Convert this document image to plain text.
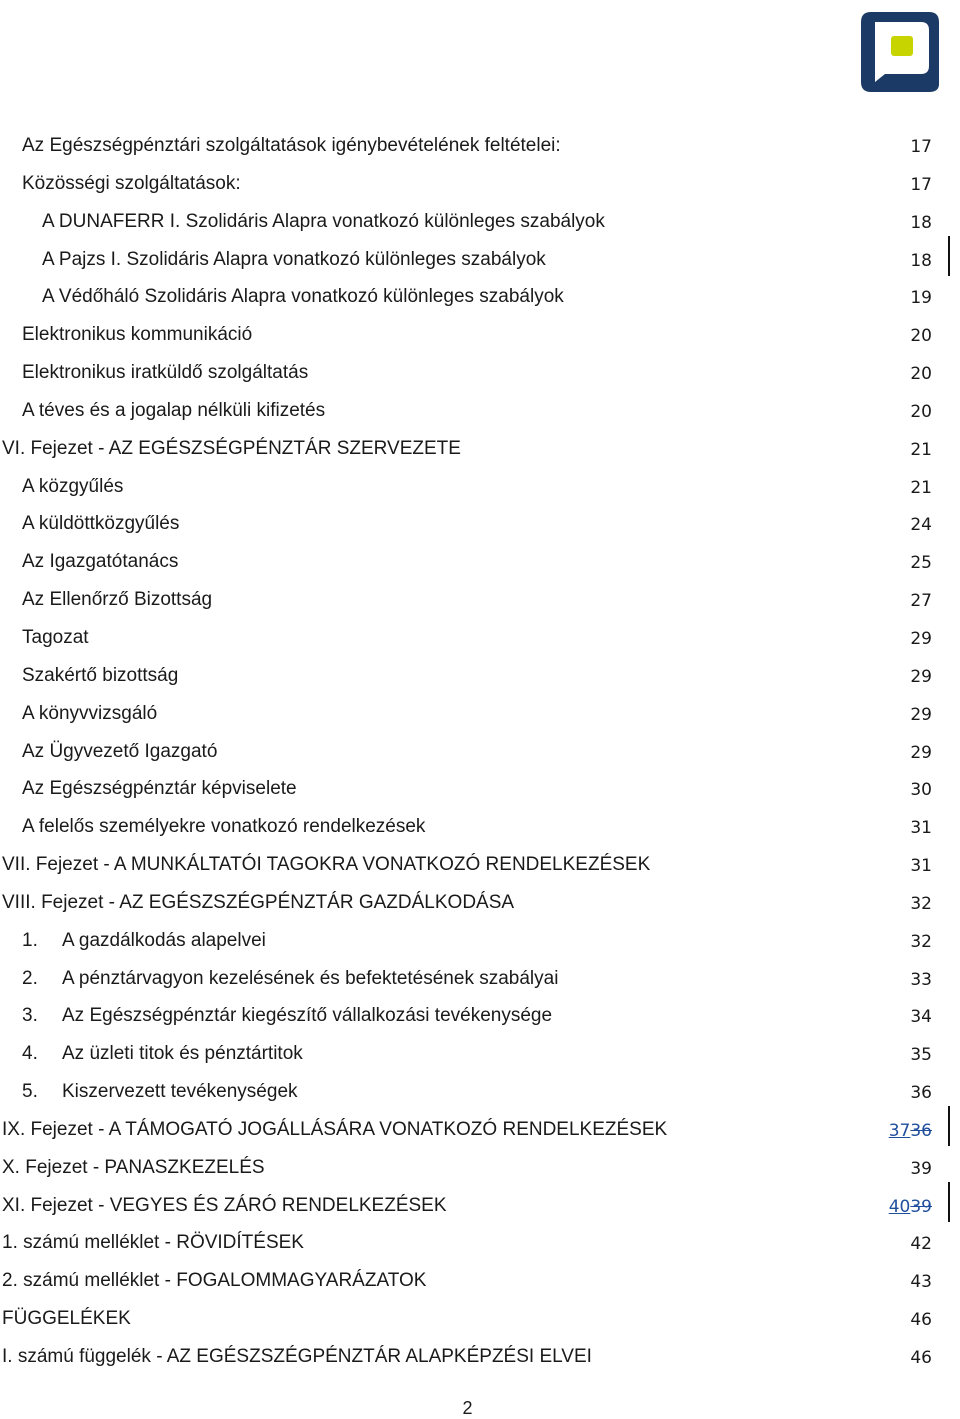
Az Egészségpénztári szolgáltatások igénybevételének feltételei:	17
Közösségi szolgáltatások:	17
A DUNAFERR I. Szolidáris Alapra vonatkozó különleges szabályok	18
A Pajzs I. Szolidáris Alapra vonatkozó különleges szabályok	18
A Védőháló Szolidáris Alapra vonatkozó különleges szabályok	19
Elektronikus kommunikáció	20
Elektronikus iratküldő szolgáltatás	20
A téves és a jogalap nélküli kifizetés	20
VI. Fejezet - AZ EGÉSZSÉGPÉNZTÁR SZERVEZETE	21
A közgyűlés	21
A küldöttközgyűlés	24
Az Igazgatótanács	25
Az Ellenőrző Bizottság	27
Tagozat	29
Szakértő bizottság	29
A könyvvizsgáló	29
Az Ügyvezető Igazgató	29
Az Egészségpénztár képviselete	30
A felelős személyekre vonatkozó rendelkezések	31
VII. Fejezet - A MUNKÁLTATÓI TAGOKRA VONATKOZÓ RENDELKEZÉSEK	31
VIII. Fejezet - AZ EGÉSZSZÉGPÉNZTÁR GAZDÁLKODÁSA	32
1. A gazdálkodás alapelvei	32
2. A pénztárvagyon kezelésének és befektetésének szabályai	33
3. Az Egészségpénztár kiegészítő vállalkozási tevékenysége	34
4. Az üzleti titok és pénztártitok	35
5. Kiszervezett tevékenységek	36
IX. Fejezet - A TÁMOGATÓ JOGÁLLÁSÁRA VONATKOZÓ RENDELKEZÉSEK	3736
X. Fejezet - PANASZKEZELÉS	39
XI. Fejezet - VEGYES ÉS ZÁRÓ RENDELKEZÉSEK	4039
1. számú melléklet - RÖVIDÍTÉSEK	42
2. számú melléklet - FOGALOMMAGYARÁZATOK	43
FÜGGELÉKEK	46
I. számú függelék - AZ EGÉSZSZÉGPÉNZTÁR ALAPKÉPZÉSI ELVEI	46
2
